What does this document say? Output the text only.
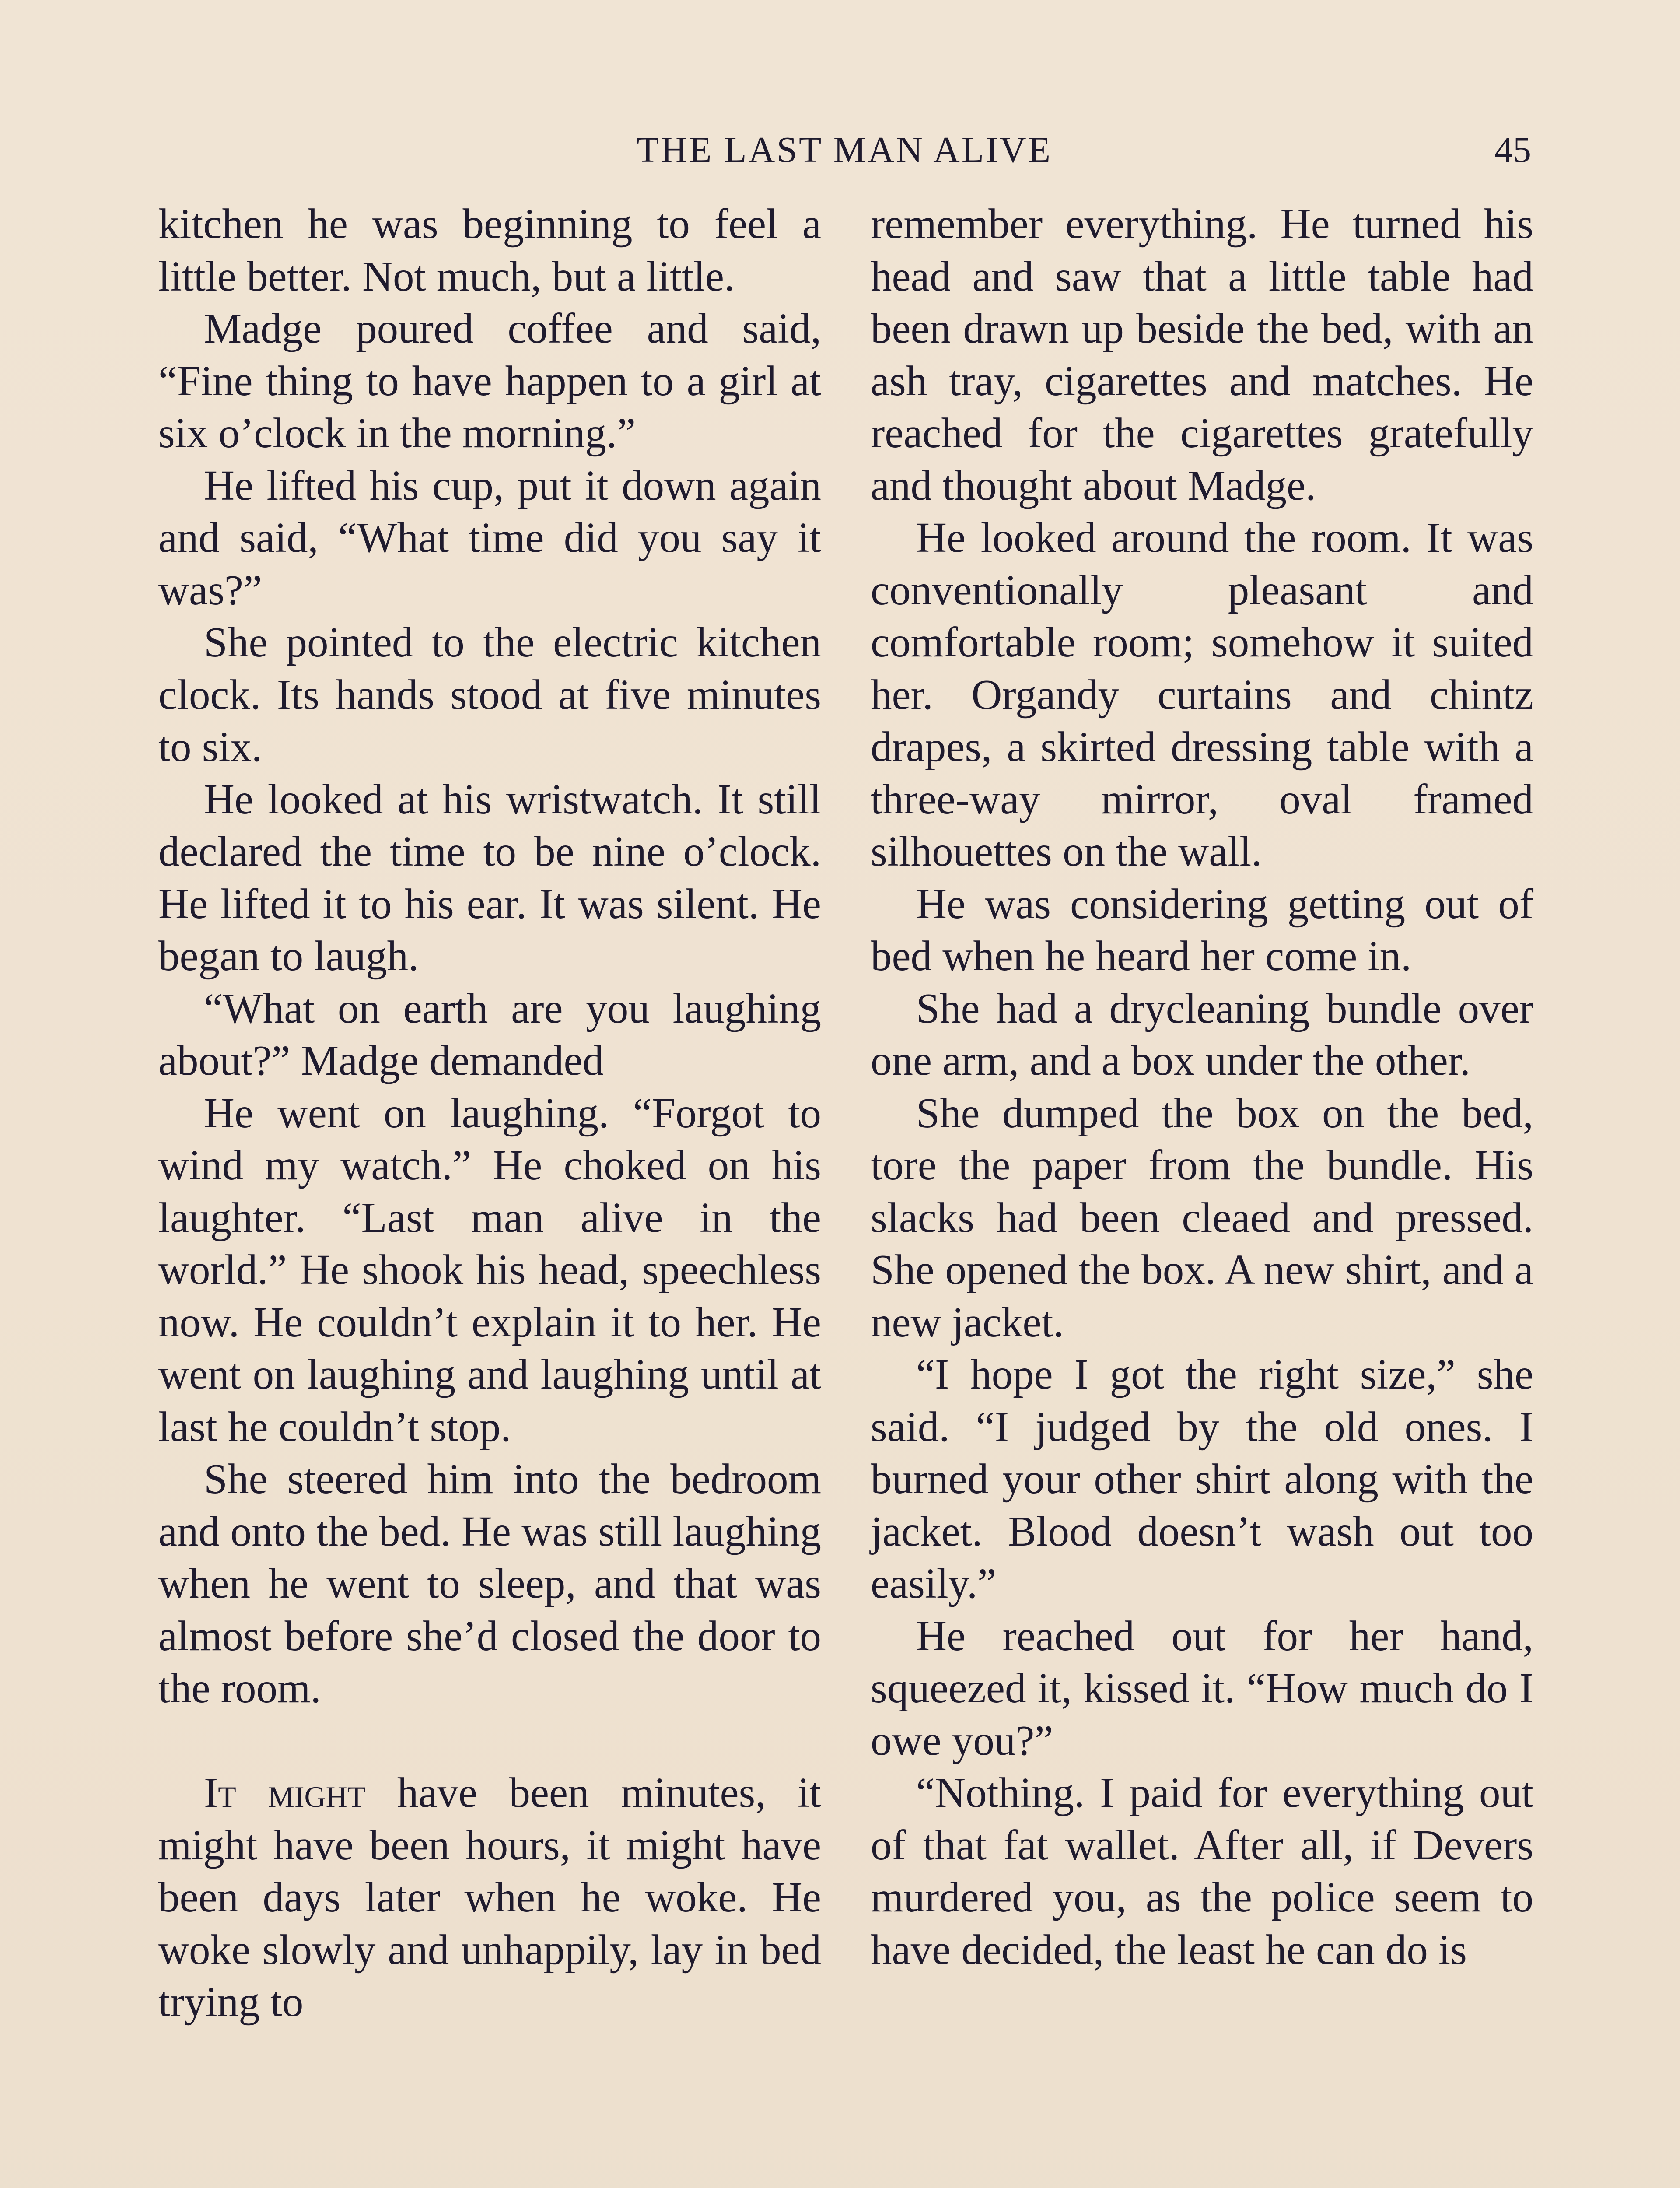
THE LAST MAN ALIVE	45

kitchen he was beginning to feel a little better. Not much, but a little.

Madge poured coffee and said, “Fine thing to have happen to a girl at six o’clock in the morning.”

He lifted his cup, put it down again and said, “What time did you say it was?”

She pointed to the electric kitchen clock. Its hands stood at five minutes to six.

He looked at his wristwatch. It still declared the time to be nine o’clock. He lifted it to his ear. It was silent. He began to laugh.

“What on earth are you laughing about?” Madge demanded

He went on laughing. “Forgot to wind my watch.” He choked on his laughter. “Last man alive in the world.” He shook his head, speechless now. He couldn’t explain it to her. He went on laughing and laughing until at last he couldn’t stop.

She steered him into the bedroom and onto the bed. He was still laughing when he went to sleep, and that was almost before she’d closed the door to the room.

It might have been minutes, it might have been hours, it might have been days later when he woke. He woke slowly and unhappily, lay in bed trying to

remember everything. He turned his head and saw that a little table had been drawn up beside the bed, with an ash tray, cigarettes and matches. He reached for the cigarettes gratefully and thought about Madge.

He looked around the room. It was conventionally pleasant and comfortable room; somehow it suited her. Organdy curtains and chintz drapes, a skirted dressing table with a three-way mirror, oval framed silhouettes on the wall.

He was considering getting out of bed when he heard her come in.

She had a drycleaning bundle over one arm, and a box under the other.

She dumped the box on the bed, tore the paper from the bundle. His slacks had been cleaed and pressed. She opened the box. A new shirt, and a new jacket.

“I hope I got the right size,” she said. “I judged by the old ones. I burned your other shirt along with the jacket. Blood doesn’t wash out too easily.”

He reached out for her hand, squeezed it, kissed it. “How much do I owe you?”

“Nothing. I paid for everything out of that fat wallet. After all, if Devers murdered you, as the police seem to have decided, the least he can do is
